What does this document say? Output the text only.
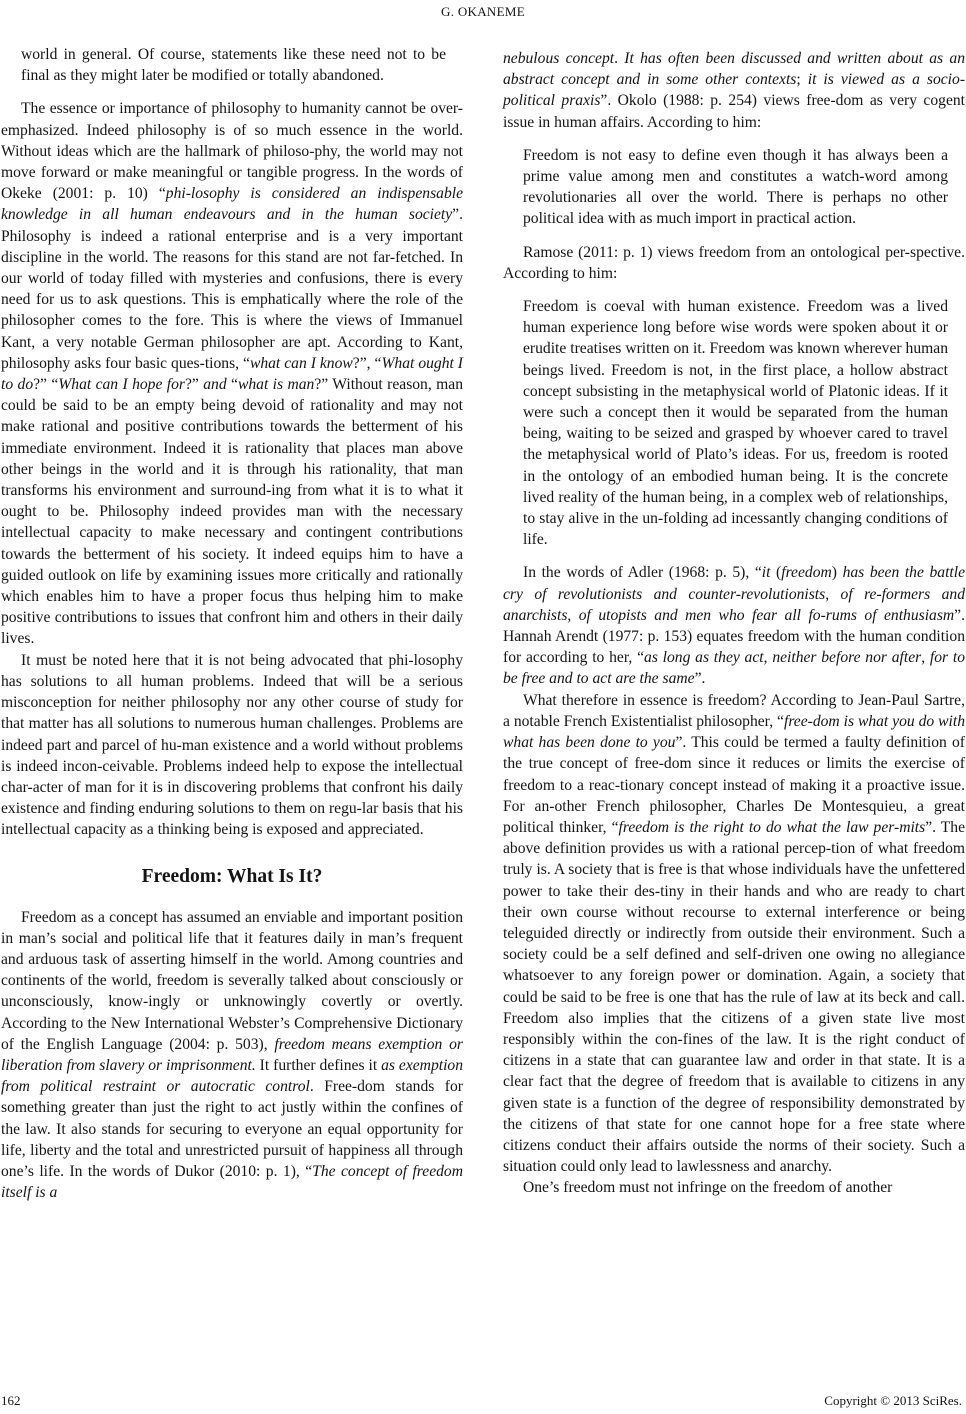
G. OKANEME

world in general. Of course, statements like these need not to be final as they might later be modified or totally abandoned.

The essence or importance of philosophy to humanity cannot be over-emphasized. Indeed philosophy is of so much essence in the world. Without ideas which are the hallmark of philoso-phy, the world may not move forward or make meaningful or tangible progress. In the words of Okeke (2001: p. 10) “phi-losophy is considered an indispensable knowledge in all human endeavours and in the human society”. Philosophy is indeed a rational enterprise and is a very important discipline in the world. The reasons for this stand are not far-fetched. In our world of today filled with mysteries and confusions, there is every need for us to ask questions. This is emphatically where the role of the philosopher comes to the fore. This is where the views of Immanuel Kant, a very notable German philosopher are apt. According to Kant, philosophy asks four basic ques-tions, “what can I know?”, “What ought I to do?” “What can I hope for?” and “what is man?” Without reason, man could be said to be an empty being devoid of rationality and may not make rational and positive contributions towards the betterment of his immediate environment. Indeed it is rationality that places man above other beings in the world and it is through his rationality, that man transforms his environment and surround-ing from what it is to what it ought to be. Philosophy indeed provides man with the necessary intellectual capacity to make necessary and contingent contributions towards the betterment of his society. It indeed equips him to have a guided outlook on life by examining issues more critically and rationally which enables him to have a proper focus thus helping him to make positive contributions to issues that confront him and others in their daily lives.

It must be noted here that it is not being advocated that phi-losophy has solutions to all human problems. Indeed that will be a serious misconception for neither philosophy nor any other course of study for that matter has all solutions to numerous human challenges. Problems are indeed part and parcel of hu-man existence and a world without problems is indeed incon-ceivable. Problems indeed help to expose the intellectual char-acter of man for it is in discovering problems that confront his daily existence and finding enduring solutions to them on regu-lar basis that his intellectual capacity as a thinking being is exposed and appreciated.

Freedom: What Is It?

Freedom as a concept has assumed an enviable and important position in man’s social and political life that it features daily in man’s frequent and arduous task of asserting himself in the world. Among countries and continents of the world, freedom is severally talked about consciously or unconsciously, know-ingly or unknowingly covertly or overtly. According to the New International Webster’s Comprehensive Dictionary of the English Language (2004: p. 503), freedom means exemption or liberation from slavery or imprisonment. It further defines it as exemption from political restraint or autocratic control. Free-dom stands for something greater than just the right to act justly within the confines of the law. It also stands for securing to everyone an equal opportunity for life, liberty and the total and unrestricted pursuit of happiness all through one’s life. In the words of Dukor (2010: p. 1), “The concept of freedom itself is a

nebulous concept. It has often been discussed and written about as an abstract concept and in some other contexts; it is viewed as a socio-political praxis”. Okolo (1988: p. 254) views free-dom as very cogent issue in human affairs. According to him:

Freedom is not easy to define even though it has always been a prime value among men and constitutes a watch-word among revolutionaries all over the world. There is perhaps no other political idea with as much import in practical action.

Ramose (2011: p. 1) views freedom from an ontological per-spective. According to him:

Freedom is coeval with human existence. Freedom was a lived human experience long before wise words were spoken about it or erudite treatises written on it. Freedom was known wherever human beings lived. Freedom is not, in the first place, a hollow abstract concept subsisting in the metaphysical world of Platonic ideas. If it were such a concept then it would be separated from the human being, waiting to be seized and grasped by whoever cared to travel the metaphysical world of Plato’s ideas. For us, freedom is rooted in the ontology of an embodied human being. It is the concrete lived reality of the human being, in a complex web of relationships, to stay alive in the un-folding ad incessantly changing conditions of life.

In the words of Adler (1968: p. 5), “it (freedom) has been the battle cry of revolutionists and counter-revolutionists, of re-formers and anarchists, of utopists and men who fear all fo-rums of enthusiasm”. Hannah Arendt (1977: p. 153) equates freedom with the human condition for according to her, “as long as they act, neither before nor after, for to be free and to act are the same”.

What therefore in essence is freedom? According to Jean-Paul Sartre, a notable French Existentialist philosopher, “free-dom is what you do with what has been done to you”. This could be termed a faulty definition of the true concept of free-dom since it reduces or limits the exercise of freedom to a reac-tionary concept instead of making it a proactive issue. For an-other French philosopher, Charles De Montesquieu, a great political thinker, “freedom is the right to do what the law per-mits”. The above definition provides us with a rational percep-tion of what freedom truly is. A society that is free is that whose individuals have the unfettered power to take their des-tiny in their hands and who are ready to chart their own course without recourse to external interference or being teleguided directly or indirectly from outside their environment. Such a society could be a self defined and self-driven one owing no allegiance whatsoever to any foreign power or domination. Again, a society that could be said to be free is one that has the rule of law at its beck and call. Freedom also implies that the citizens of a given state live most responsibly within the con-fines of the law. It is the right conduct of citizens in a state that can guarantee law and order in that state. It is a clear fact that the degree of freedom that is available to citizens in any given state is a function of the degree of responsibility demonstrated by the citizens of that state for one cannot hope for a free state where citizens conduct their affairs outside the norms of their society. Such a situation could only lead to lawlessness and anarchy.

One’s freedom must not infringe on the freedom of another

162	Copyright © 2013 SciRes.
